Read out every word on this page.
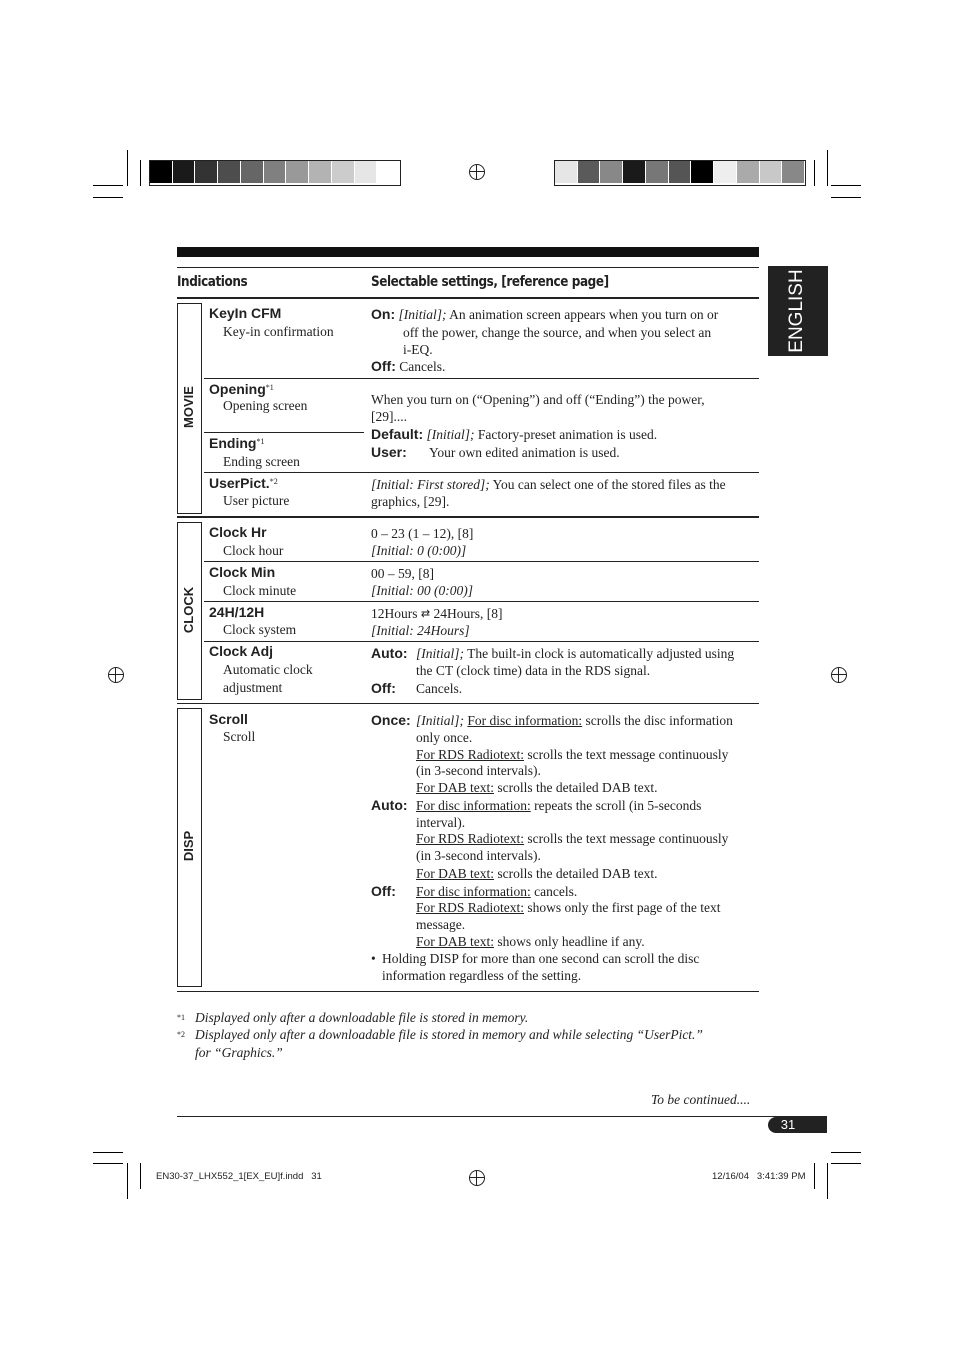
ENGLISH
Indications	Selectable settings, [reference page]
MOVIE
CLOCK
DISP
KeyIn CFM
Key-in confirmation
On: [Initial]; An animation screen appears when you turn on or
off the power, change the source, and when you select an
i-EQ.
Off: Cancels.
Opening$^{*1}$
Opening screen
Ending$^{*1}$
Ending screen
When you turn on (“Opening”) and off (“Ending”) the power,
[29]....
Default: [Initial]; Factory-preset animation is used.
User: Your own edited animation is used.
UserPict.$^{*2}$
User picture
[Initial: First stored]; You can select one of the stored files as the
graphics, [29].
Clock Hr
Clock hour
0 – 23 (1 – 12), [8]
[Initial: 0 (0:00)]
Clock Min
Clock minute
00 – 59, [8]
[Initial: 00 (0:00)]
24H/12H
Clock system
12Hours ⇄ 24Hours, [8]
[Initial: 24Hours]
Clock Adj
Automatic clock
adjustment
Auto: [Initial]; The built-in clock is automatically adjusted using
the CT (clock time) data in the RDS signal.
Off: Cancels.
Scroll
Scroll
Once: [Initial]; For disc information: scrolls the disc information
only once.
For RDS Radiotext: scrolls the text message continuously
(in 3-second intervals).
For DAB text: scrolls the detailed DAB text.
Auto: For disc information: repeats the scroll (in 5-seconds
interval).
For RDS Radiotext: scrolls the text message continuously
(in 3-second intervals).
For DAB text: scrolls the detailed DAB text.
Off: For disc information: cancels.
For RDS Radiotext: shows only the first page of the text
message.
For DAB text: shows only headline if any.
• Holding DISP for more than one second can scroll the disc
information regardless of the setting.
*1 Displayed only after a downloadable file is stored in memory.
*2 Displayed only after a downloadable file is stored in memory and while selecting “UserPict.”
for “Graphics.”
To be continued....
31
EN30-37_LHX552_1[EX_EU]f.indd   31	12/16/04   3:41:39 PM
